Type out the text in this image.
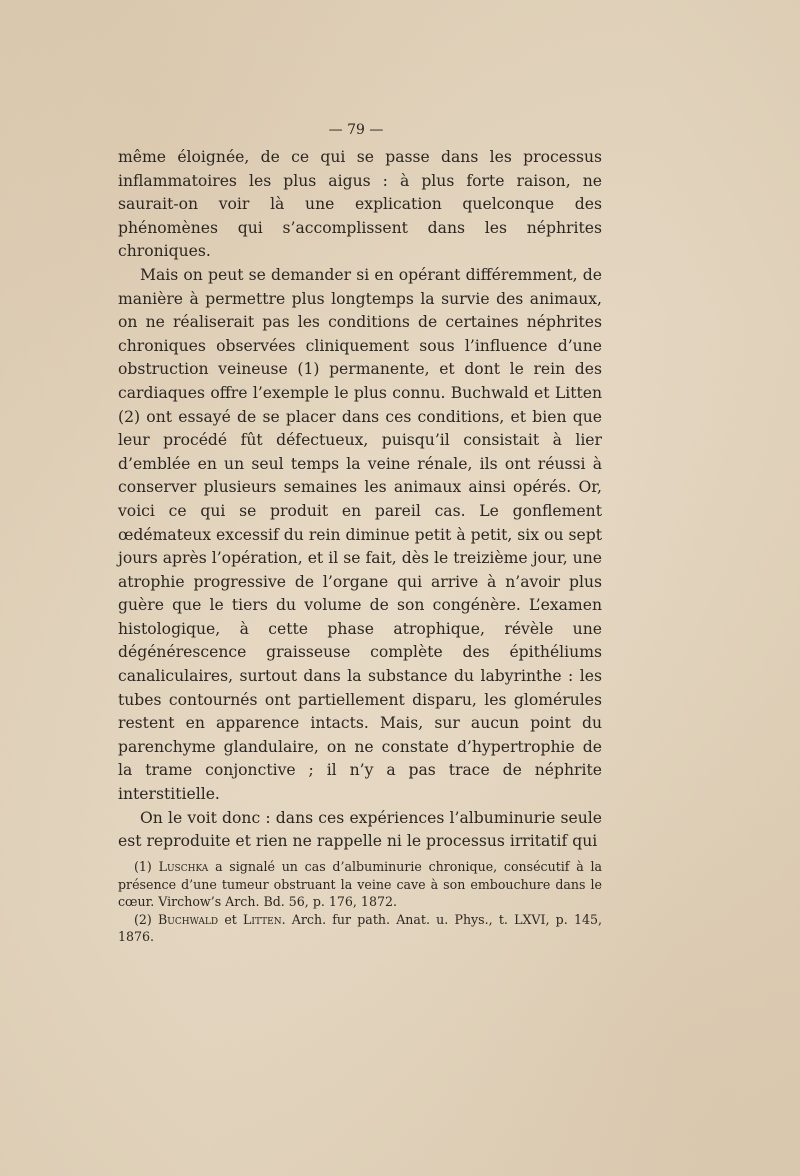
— 79 —

même éloignée, de ce qui se passe dans les processus inflammatoires les plus aigus : à plus forte raison, ne saurait-on voir là une explication quelconque des phénomènes qui s’accomplissent dans les néphrites chroniques.

Mais on peut se demander si en opérant différemment, de manière à permettre plus longtemps la survie des animaux, on ne réaliserait pas les conditions de certaines néphrites chroniques observées cliniquement sous l’influence d’une obstruction veineuse (1) permanente, et dont le rein des cardiaques offre l’exemple le plus connu. Buchwald et Litten (2) ont essayé de se placer dans ces conditions, et bien que leur procédé fût défectueux, puisqu’il consistait à lier d’emblée en un seul temps la veine rénale, ils ont réussi à conserver plusieurs semaines les animaux ainsi opérés. Or, voici ce qui se produit en pareil cas. Le gonflement œdémateux excessif du rein diminue petit à petit, six ou sept jours après l’opération, et il se fait, dès le treizième jour, une atrophie progressive de l’organe qui arrive à n’avoir plus guère que le tiers du volume de son congénère. L’examen histologique, à cette phase atrophique, révèle une dégénérescence graisseuse complète des épithéliums canaliculaires, surtout dans la substance du labyrinthe : les tubes contournés ont partiellement disparu, les glomérules restent en apparence intacts. Mais, sur aucun point du parenchyme glandulaire, on ne constate d’hypertrophie de la trame conjonctive ; il n’y a pas trace de néphrite interstitielle.

On le voit donc : dans ces expériences l’albuminurie seule est reproduite et rien ne rappelle ni le processus irritatif qui

(1) Luschka a signalé un cas d’albuminurie chronique, consécutif à la présence d’une tumeur obstruant la veine cave à son embouchure dans le cœur. Virchow’s Arch. Bd. 56, p. 176, 1872.

(2) Buchwald et Litten. Arch. fur path. Anat. u. Phys., t. LXVI, p. 145, 1876.
